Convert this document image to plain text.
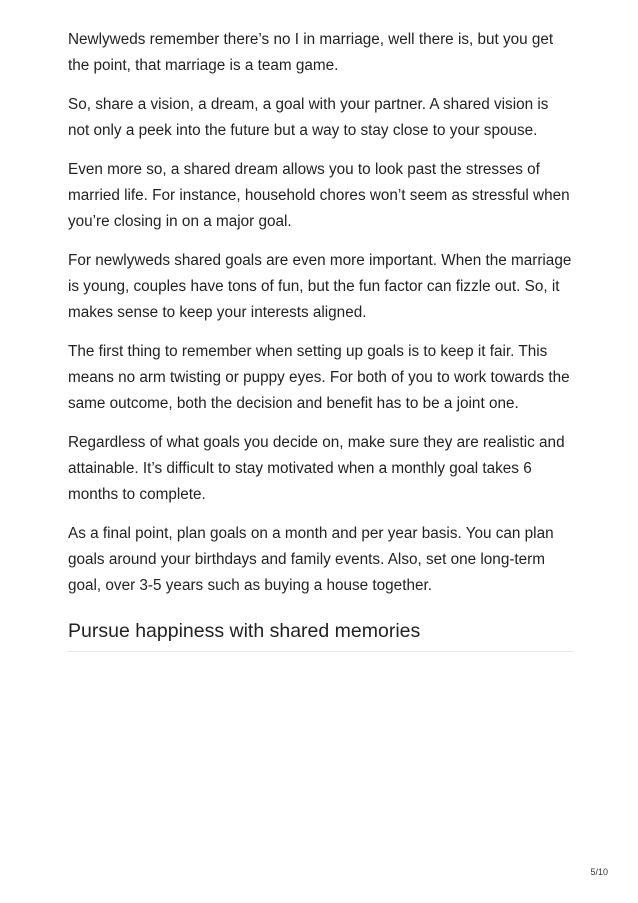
Newlyweds remember there’s no I in marriage, well there is, but you get the point, that marriage is a team game.

So, share a vision, a dream, a goal with your partner. A shared vision is not only a peek into the future but a way to stay close to your spouse.

Even more so, a shared dream allows you to look past the stresses of married life. For instance, household chores won’t seem as stressful when you’re closing in on a major goal.

For newlyweds shared goals are even more important. When the marriage is young, couples have tons of fun, but the fun factor can fizzle out. So, it makes sense to keep your interests aligned.

The first thing to remember when setting up goals is to keep it fair. This means no arm twisting or puppy eyes. For both of you to work towards the same outcome, both the decision and benefit has to be a joint one.

Regardless of what goals you decide on, make sure they are realistic and attainable. It’s difficult to stay motivated when a monthly goal takes 6 months to complete.

As a final point, plan goals on a month and per year basis. You can plan goals around your birthdays and family events. Also, set one long-term goal, over 3-5 years such as buying a house together.

Pursue happiness with shared memories
5/10
